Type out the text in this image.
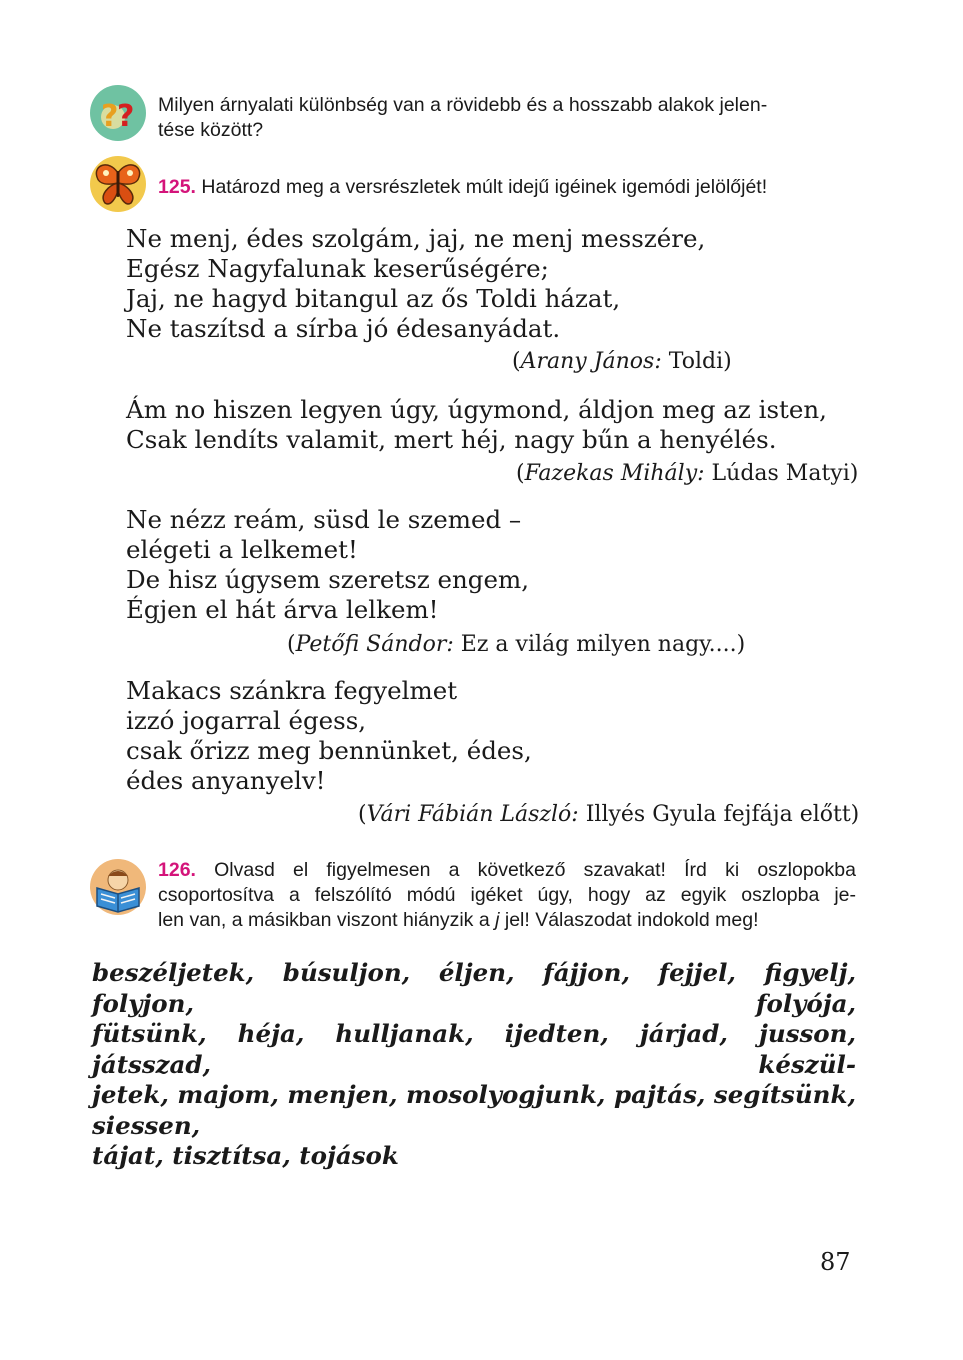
?
? Milyen árnyalati különbség van a rövidebb és a hosszabb alakok jelen-
tése között?
125. Határozd meg a versrészletek múlt idejű igéinek igemódi jelölőjét!
Ne menj, édes szolgám, jaj, ne menj messzére,
Egész Nagyfalunak keserűségére;
Jaj, ne hagyd bitangul az ős Toldi házat,
Ne taszítsd a sírba jó édesanyádat.
(Arany János: Toldi)
Ám no hiszen legyen úgy, úgymond, áldjon meg az isten,
Csak lendíts valamit, mert héj, nagy bűn a henyélés.
(Fazekas Mihály: Lúdas Matyi)
Ne nézz reám, süsd le szemed –
elégeti a lelkemet!
De hisz úgysem szeretsz engem,
Égjen el hát árva lelkem!
(Petőfi Sándor: Ez a világ milyen nagy....)
Makacs szánkra fegyelmet
izzó jogarral égess,
csak őrizz meg bennünket, édes,
édes anyanyelv!
(Vári Fábián László: Illyés Gyula fejfája előtt)
126. Olvasd el figyelmesen a következő szavakat! Írd ki oszlopokba
csoportosítva a felszólító módú igéket úgy, hogy az egyik oszlopba je-
len van, a másikban viszont hiányzik a j jel! Válaszodat indokold meg!
beszéljetek, búsuljon, éljen, fájjon, fejjel, figyelj, folyjon, folyója,
fütsünk, héja, hulljanak, ijedten, járjad, jusson, játsszad, készül-
jetek, majom, menjen, mosolyogjunk, pajtás, segítsünk, siessen,
tájat, tisztítsa, tojások
87
